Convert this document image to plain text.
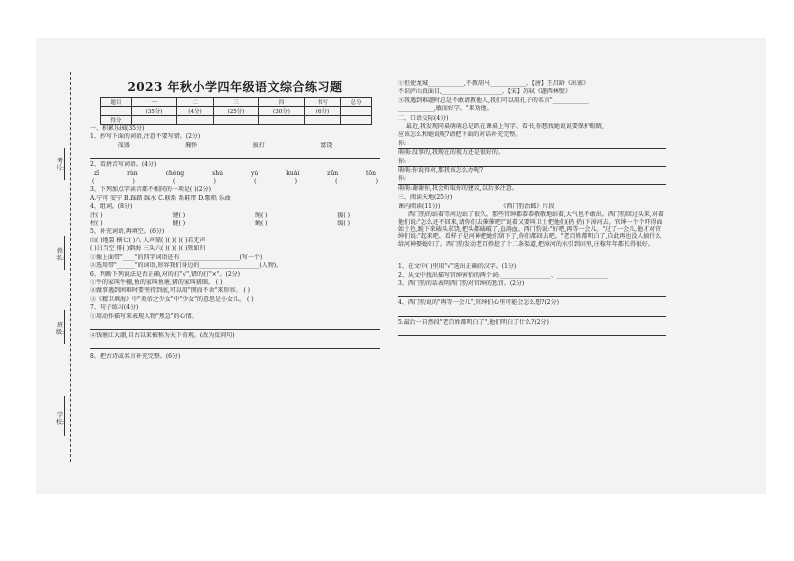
考号:
姓名:
班级:
学校:
2023 年秋小学四年级语文综合练习题
题目	一	二	三	四	书写	总分
	(35分)	(4分)	(25分)	(30分)	(6分)	
得分						
一、积累乐园(35分)
1、抄写下面的词语,注意不要写错。(2分)
茂盛	胸怀	拔打	富饶
2、看拼音写词语。(4分)
zī	rùn	chéng	shú	yú	kuài	zūn	tōn
(	)	(	)	(	)	(	)
3、下列加点字读音都不相同的一项是( )(2分)
A.宁可 安宁 B.踩踏 踩水 C.联系 系鞋带 D.歌唱 乐曲
4、组词。(8分)
注( )	建( )	绳( )	援( )
柱( )	健( )	蝇( )	缓( )
5、补充词语,再填空。(6分)
山( )地裂 横七( )八 人声鼎( )( )( )( )若无声
( )日当空 排( )倒海 三头六( )( )( )( )死如归
①像上面带"____"的四字词语还有____________________(写一个)
②选用带"______"的词语,形容我们身边的____________________(人物)。
6、判断下列说法是否正确,对的打"√",错的打"×"。(2分)
①牛的家叫牛棚,鱼的家叫鱼塘,猪的家叫猪圈。 ( )
②做事遇到困难时要坚持到底,可以用"锲而不舍"来形容。 ( )
③《精卫填海》中"炎帝之少女"中"少女"的意思是小女儿。 ( )
7、句子练习(4分)
①用动作描写来表现人物"焦急"的心情。
②钱塘江大潮,自古以来被称为天下奇观。(改为反问句)
8、把古诗或名言补充完整。(6分)
①但使龙城____________,不教胡马____________。【唐】王昌龄《出塞》
不识庐山真面目,____________________。【宋】苏轼《题西林壁》
③我遇到难题时总是不敢请教他人,我们可以用孔子的名言"____________
____________,敏而好学。"来劝他。
二、口语交际(4分)
最近,我发现同桌萌萌总是趴在课桌上写字、看书,你想找她说说要保护眼睛,
应该怎么和她说呢?请把下面的对话补充完整。
你:
萌萌:没事的,我现在的视力还是很好的。
你:
萌萌:你说得对,那我该怎么办呢?
你:
萌萌:谢谢你,我会听取你的建议,以后多注意。
三、阅读天地(25分)
课内阅读(11分)	《西门豹治邺》片段
西门豹的站着等河边站了很久。那些官绅都恭恭敬敬地站着,大气也不敢出。西门豹回过头来,对着他们说:"怎么还不回来,请你们去催催吧!"说着又要叫卫士把他们(扔 扔)下漳河去。官绅一个个吓得面如土色,跪下来磕头求饶,把头都磕破了,直淌血。西门豹说:"好吧,再等一会儿。"过了一会儿,他才对官绅们说:"起来吧。看样子是河神把她们留下了,你们都回去吧。"老百姓都明白了,自此再也没人搞什么给河神娶媳妇了。西门豹发动老百姓挖了十二条渠道,把漳河的水引到田里,庄稼年年都长得很好。
1、在文中( )里用"√"选出正确的汉字。(1分)
2、从文中找出描写官绅害怕的两个词:_________________、_________________
3、西门豹的话表明西门豹对官绅的惩罚。(2分)
4、西门豹说的"再等一会儿",官绅们心里可能会怎么想?(2分)
5.最后一自然段"老百姓都明白了",他们明白了什么?(2分)
